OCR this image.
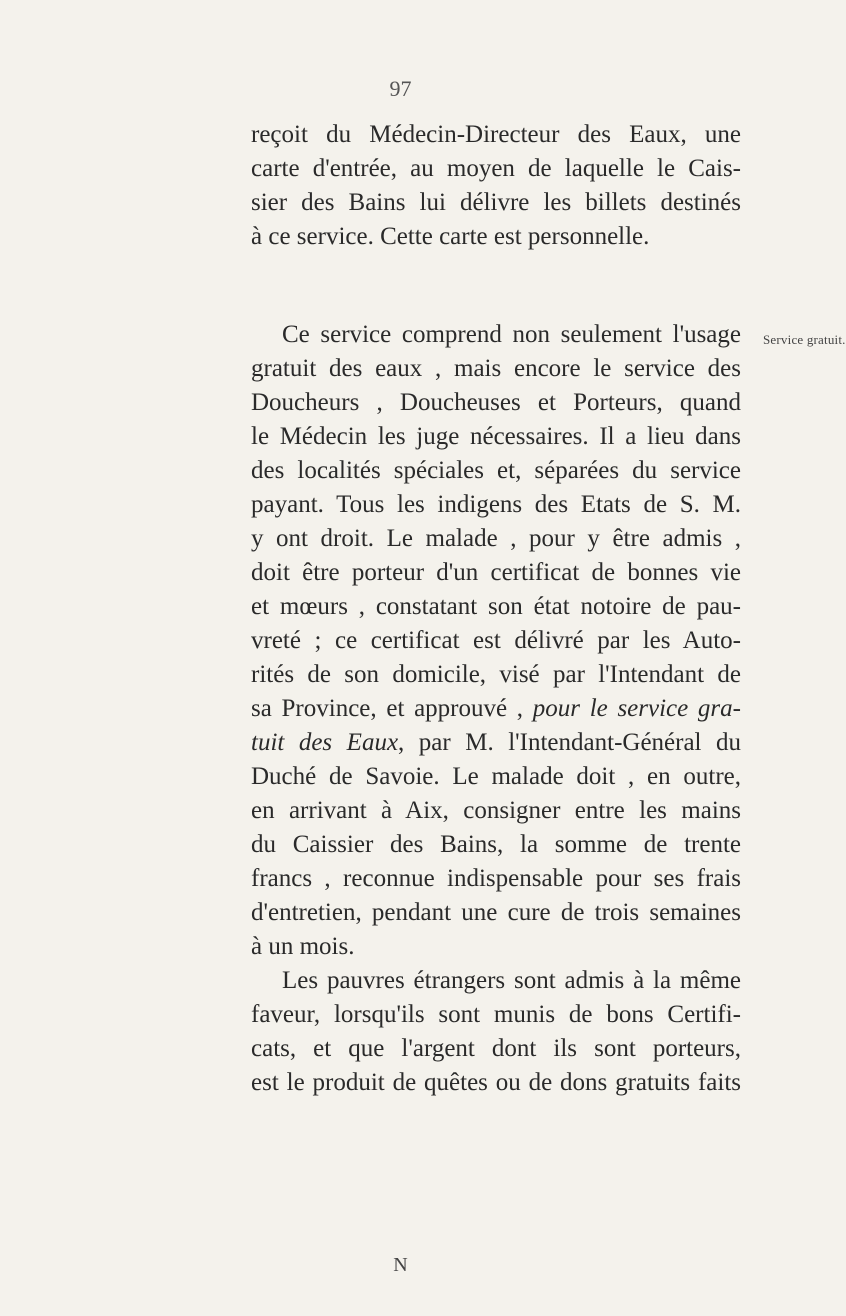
97
Service gratuit.
reçoit du Médecin-Directeur des Eaux, une
carte d'entrée, au moyen de laquelle le Cais-
sier des Bains lui délivre les billets destinés
à ce service. Cette carte est personnelle.
Ce service comprend non seulement l'usage
gratuit des eaux , mais encore le service des
Doucheurs , Doucheuses et Porteurs, quand
le Médecin les juge nécessaires. Il a lieu dans
des localités spéciales et, séparées du service
payant. Tous les indigens des Etats de S. M.
y ont droit. Le malade , pour y être admis ,
doit être porteur d'un certificat de bonnes vie
et mœurs , constatant son état notoire de pau-
vreté ; ce certificat est délivré par les Auto-
rités de son domicile, visé par l'Intendant de
sa Province, et approuvé , pour le service gra-
tuit des Eaux, par M. l'Intendant-Général du
Duché de Savoie. Le malade doit , en outre,
en arrivant à Aix, consigner entre les mains
du Caissier des Bains, la somme de trente
francs , reconnue indispensable pour ses frais
d'entretien, pendant une cure de trois semaines
à un mois.
Les pauvres étrangers sont admis à la même
faveur, lorsqu'ils sont munis de bons Certifi-
cats, et que l'argent dont ils sont porteurs,
est le produit de quêtes ou de dons gratuits faits
N
